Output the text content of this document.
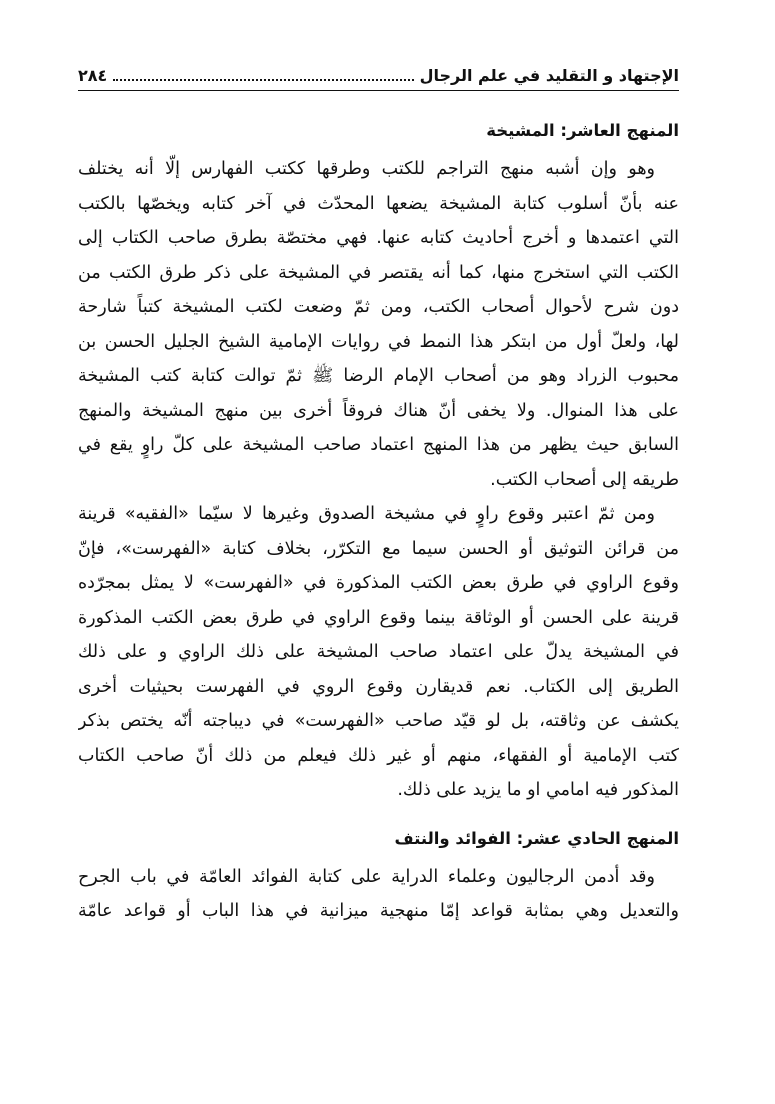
الإجتهاد و التقليد في علم الرجال
٢٨٤
المنهج العاشر: المشيخة

وهو وإن أشبه منهج التراجم للكتب وطرقها ككتب الفهارس إلّا أنه يختلف
عنه بأنّ أسلوب كتابة المشيخة يضعها المحدّث في آخر كتابه ويخصّها بالكتب
التي اعتمدها و أخرج أحاديث كتابه عنها. فهي مختصّة بطرق صاحب الكتاب إلى
الكتب التي استخرج منها، كما أنه يقتصر في المشيخة على ذكر طرق الكتب من
دون شرح لأحوال أصحاب الكتب، ومن ثمّ وضعت لكتب المشيخة كتباً شارحة
لها، ولعلّ أول من ابتكر هذا النمط في روايات الإمامية الشيخ الجليل الحسن بن
محبوب الزراد وهو من أصحاب الإمام الرضا ﷺ ثمّ توالت كتابة كتب المشيخة
على هذا المنوال. ولا يخفى أنّ هناك فروقاً أخرى بين منهج المشيخة والمنهج
السابق حيث يظهر من هذا المنهج اعتماد صاحب المشيخة على كلّ راوٍ يقع في
طريقه إلى أصحاب الكتب.

ومن ثمّ اعتبر وقوع راوٍ في مشيخة الصدوق وغيرها لا سيّما «الفقيه» قرينة
من قرائن التوثيق أو الحسن سيما مع التكرّر، بخلاف كتابة «الفهرست»، فإنّ
وقوع الراوي في طرق بعض الكتب المذكورة في «الفهرست» لا يمثل بمجرّده
قرينة على الحسن أو الوثاقة بينما وقوع الراوي في طرق بعض الكتب المذكورة
في المشيخة يدلّ على اعتماد صاحب المشيخة على ذلك الراوي و على ذلك
الطريق إلى الكتاب. نعم قديقارن وقوع الروي في الفهرست بحيثيات أخرى
يكشف عن وثاقته، بل لو قيّد صاحب «الفهرست» في ديباجته أنّه يختص بذكر
كتب الإمامية أو الفقهاء، منهم أو غير ذلك فيعلم من ذلك أنّ صاحب الكتاب
المذكور فيه امامي او ما يزيد على ذلك.

المنهج الحادي عشر: الفوائد والنتف

وقد أدمن الرجاليون وعلماء الدراية على كتابة الفوائد العامّة في باب الجرح
والتعديل وهي بمثابة قواعد إمّا منهجية ميزانية في هذا الباب أو قواعد عامّة
